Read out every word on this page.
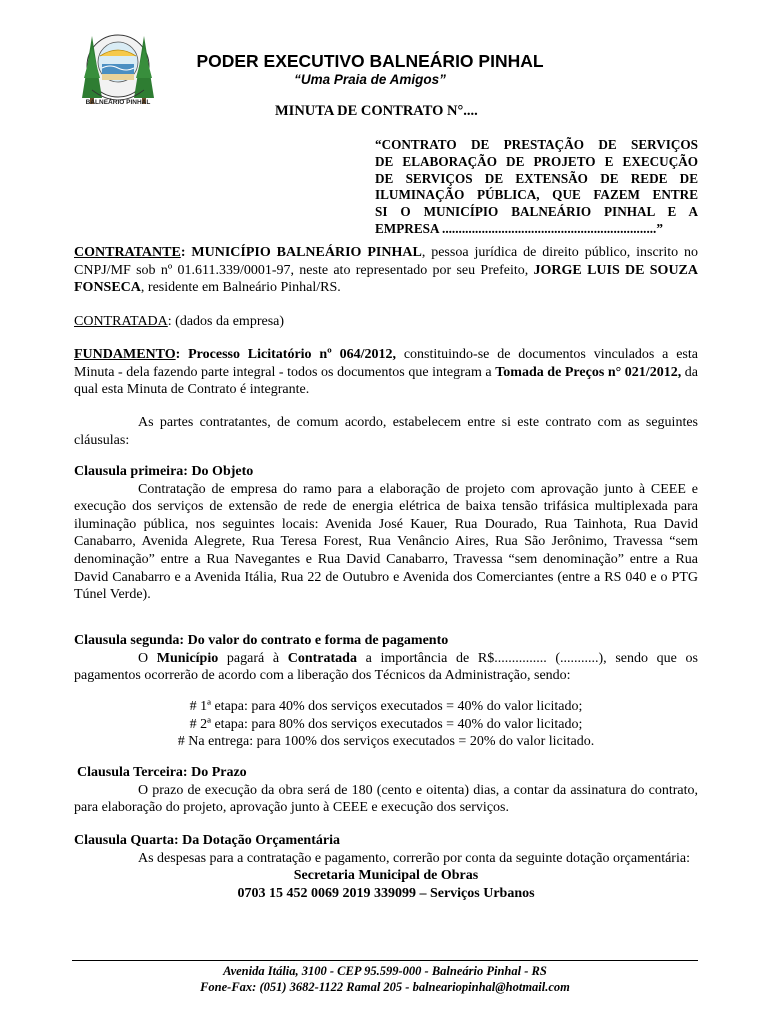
BALNEÁRIO PINHAL
PODER EXECUTIVO BALNEÁRIO PINHAL
“Uma Praia de Amigos”
MINUTA DE CONTRATO N°....
“CONTRATO DE PRESTAÇÃO DE SERVIÇOS
DE ELABORAÇÃO DE PROJETO E EXECUÇÃO
DE SERVIÇOS DE EXTENSÃO DE REDE DE
ILUMINAÇÃO PÚBLICA, QUE FAZEM ENTRE
SI O MUNICÍPIO BALNEÁRIO PINHAL E A
EMPRESA .................................................................”

CONTRATANTE: MUNICÍPIO BALNEÁRIO PINHAL, pessoa jurídica de direito público, inscrito no CNPJ/MF sob nº 01.611.339/0001-97, neste ato representado por seu Prefeito, JORGE LUIS DE SOUZA FONSECA, residente em Balneário Pinhal/RS.

CONTRATADA: (dados da empresa)

FUNDAMENTO: Processo Licitatório nº 064/2012, constituindo-se de documentos vinculados a esta Minuta - dela fazendo parte integral - todos os documentos que integram a Tomada de Preços n° 021/2012, da qual esta Minuta de Contrato é integrante.

As partes contratantes, de comum acordo, estabelecem entre si este contrato com as seguintes cláusulas:

Clausula primeira: Do Objeto

Contratação de empresa do ramo para a elaboração de projeto com aprovação junto à CEEE e execução dos serviços de extensão de rede de energia elétrica de baixa tensão trifásica multiplexada para iluminação pública, nos seguintes locais: Avenida José Kauer, Rua Dourado, Rua Tainhota, Rua David Canabarro, Avenida Alegrete, Rua Teresa Forest, Rua Venâncio Aires, Rua São Jerônimo, Travessa “sem denominação” entre a Rua Navegantes e Rua David Canabarro, Travessa “sem denominação” entre a Rua David Canabarro e a Avenida Itália, Rua 22 de Outubro e Avenida dos Comerciantes (entre a RS 040 e o PTG Túnel Verde).

Clausula segunda: Do valor do contrato e forma de pagamento

O Município pagará à Contratada a importância de R$............... (...........), sendo que os pagamentos ocorrerão de acordo com a liberação dos Técnicos da Administração, sendo:

# 1ª etapa: para 40% dos serviços executados = 40% do valor licitado;
# 2ª etapa: para 80% dos serviços executados = 40% do valor licitado;
# Na entrega: para 100% dos serviços executados = 20% do valor licitado.

Clausula Terceira: Do Prazo

O prazo de execução da obra será de 180 (cento e oitenta) dias, a contar da assinatura do contrato, para elaboração do projeto, aprovação junto à CEEE e execução dos serviços.

Clausula Quarta: Da Dotação Orçamentária

As despesas para a contratação e pagamento, correrão por conta da seguinte dotação orçamentária:

Secretaria Municipal de Obras

0703 15 452 0069 2019 339099 – Serviços Urbanos

Avenida Itália, 3100 - CEP 95.599-000 - Balneário Pinhal - RS
Fone-Fax: (051) 3682-1122 Ramal 205 - balneariopinhal@hotmail.com
